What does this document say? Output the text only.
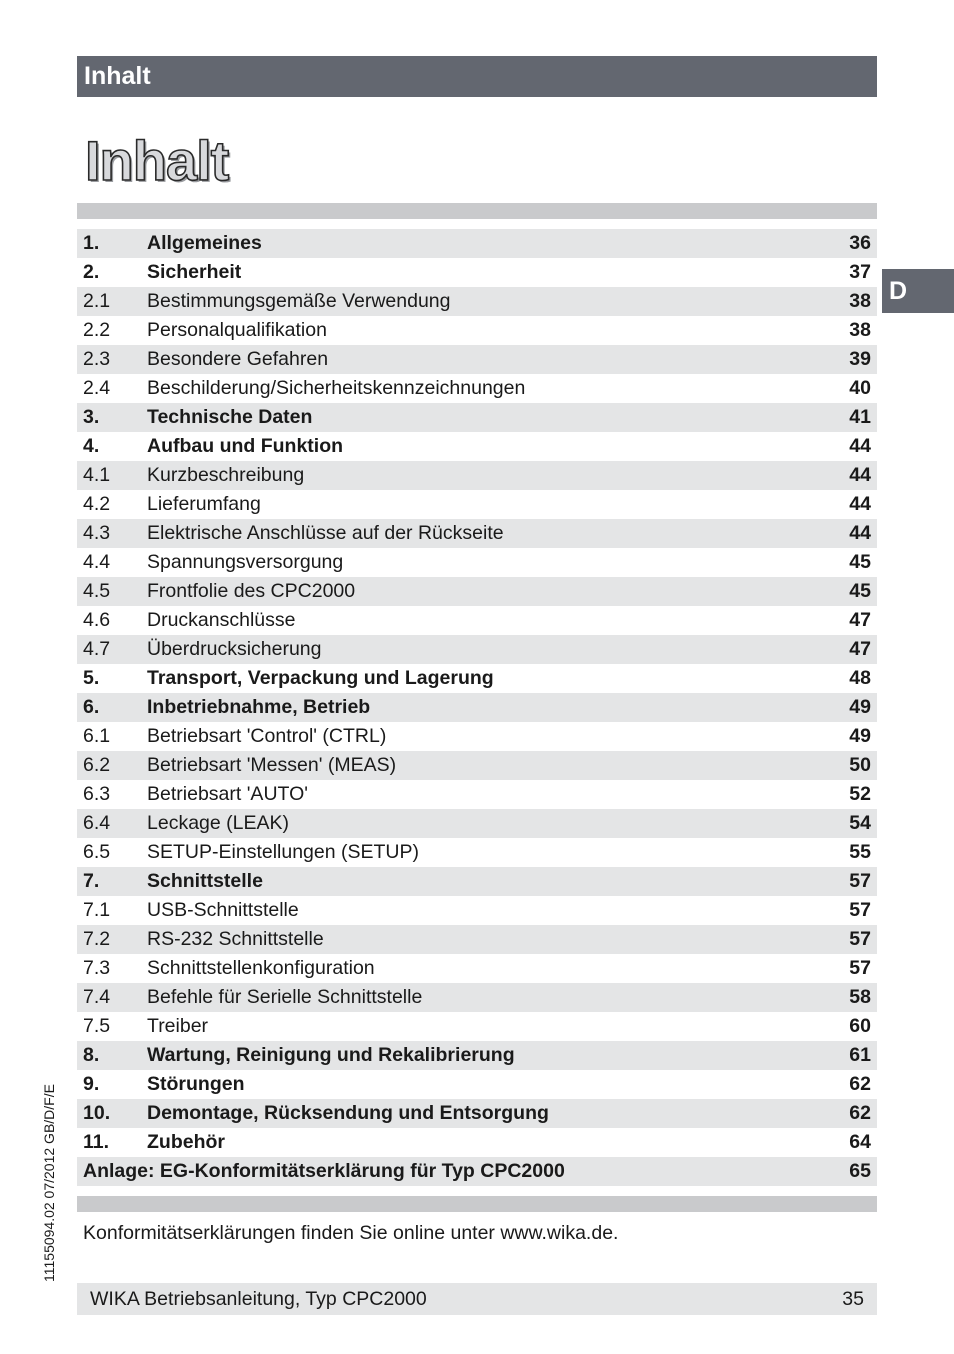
Inhalt
Inhalt
1. Allgemeines	36
2. Sicherheit	37
2.1 Bestimmungsgemäße Verwendung	38
2.2 Personalqualifikation	38
2.3 Besondere Gefahren	39
2.4 Beschilderung/Sicherheitskennzeichnungen	40
3. Technische Daten	41
4. Aufbau und Funktion	44
4.1 Kurzbeschreibung	44
4.2 Lieferumfang	44
4.3 Elektrische Anschlüsse auf der Rückseite	44
4.4 Spannungsversorgung	45
4.5 Frontfolie des CPC2000	45
4.6 Druckanschlüsse	47
4.7 Überdrucksicherung	47
5. Transport, Verpackung und Lagerung	48
6. Inbetriebnahme, Betrieb	49
6.1 Betriebsart 'Control' (CTRL)	49
6.2 Betriebsart 'Messen' (MEAS)	50
6.3 Betriebsart 'AUTO'	52
6.4 Leckage (LEAK)	54
6.5 SETUP-Einstellungen (SETUP)	55
7. Schnittstelle	57
7.1 USB-Schnittstelle	57
7.2 RS-232 Schnittstelle	57
7.3 Schnittstellenkonfiguration	57
7.4 Befehle für Serielle Schnittstelle	58
7.5 Treiber	60
8. Wartung, Reinigung und Rekalibrierung	61
9. Störungen	62
10. Demontage, Rücksendung und Entsorgung	62
11. Zubehör	64
Anlage: EG-Konformitätserklärung für Typ CPC2000	65
D
11155094.02 07/2012 GB/D/F/E Konformitätserklärungen finden Sie online unter www.wika.de.
WIKA Betriebsanleitung, Typ CPC2000	35
